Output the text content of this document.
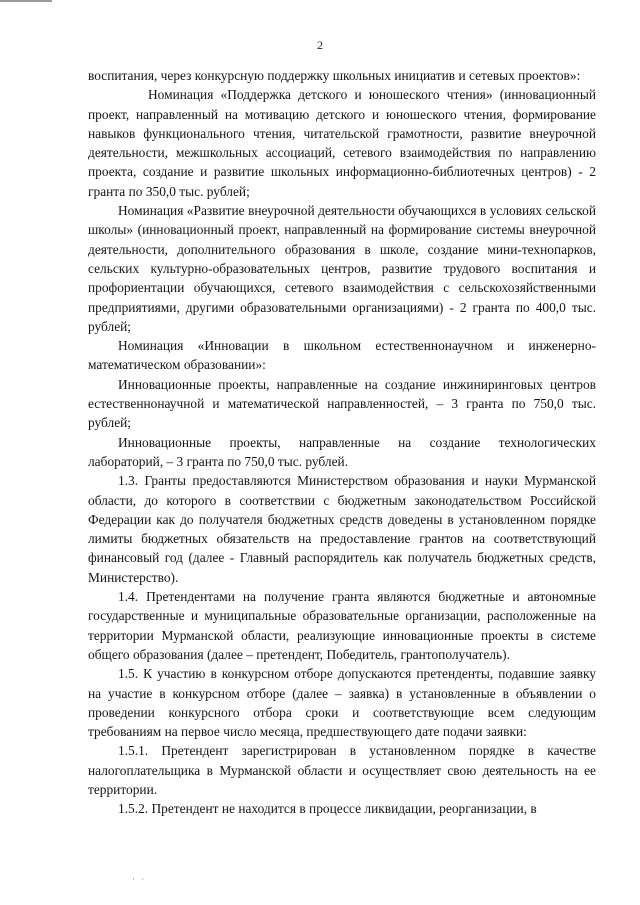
2

воспитания, через конкурсную поддержку школьных инициатив и сетевых проектов»:

Номинация «Поддержка детского и юношеского чтения» (инновационный проект, направленный на мотивацию детского и юношеского чтения, формирование навыков функционального чтения, читательской грамотности, развитие внеурочной деятельности, межшкольных ассоциаций, сетевого взаимодействия по направлению проекта, создание и развитие школьных информационно-библиотечных центров) - 2 гранта по 350,0 тыс. рублей;

Номинация «Развитие внеурочной деятельности обучающихся в условиях сельской школы» (инновационный проект, направленный на формирование системы внеурочной деятельности, дополнительного образования в школе, создание мини-технопарков, сельских культурно-образовательных центров, развитие трудового воспитания и профориентации обучающихся, сетевого взаимодействия с сельскохозяйственными предприятиями, другими образовательными организациями) - 2 гранта по 400,0 тыс. рублей;

Номинация «Инновации в школьном естественнонаучном и инженерно-математическом образовании»:

Инновационные проекты, направленные на создание инжиниринговых центров естественнонаучной и математической направленностей, – 3 гранта по 750,0 тыс. рублей;

Инновационные проекты, направленные на создание технологических лабораторий, – 3 гранта по 750,0 тыс. рублей.

1.3. Гранты предоставляются Министерством образования и науки Мурманской области, до которого в соответствии с бюджетным законодательством Российской Федерации как до получателя бюджетных средств доведены в установленном порядке лимиты бюджетных обязательств на предоставление грантов на соответствующий финансовый год (далее - Главный распорядитель как получатель бюджетных средств, Министерство).

1.4. Претендентами на получение гранта являются бюджетные и автономные государственные и муниципальные образовательные организации, расположенные на территории Мурманской области, реализующие инновационные проекты в системе общего образования (далее – претендент, Победитель, грантополучатель).

1.5. К участию в конкурсном отборе допускаются претенденты, подавшие заявку на участие в конкурсном отборе (далее – заявка) в установленные в объявлении о проведении конкурсного отбора сроки и соответствующие всем следующим требованиям на первое число месяца, предшествующего дате подачи заявки:

1.5.1. Претендент зарегистрирован в установленном порядке в качестве налогоплательщика в Мурманской области и осуществляет свою деятельность на ее территории.

1.5.2. Претендент не находится в процессе ликвидации, реорганизации, в

· ·
